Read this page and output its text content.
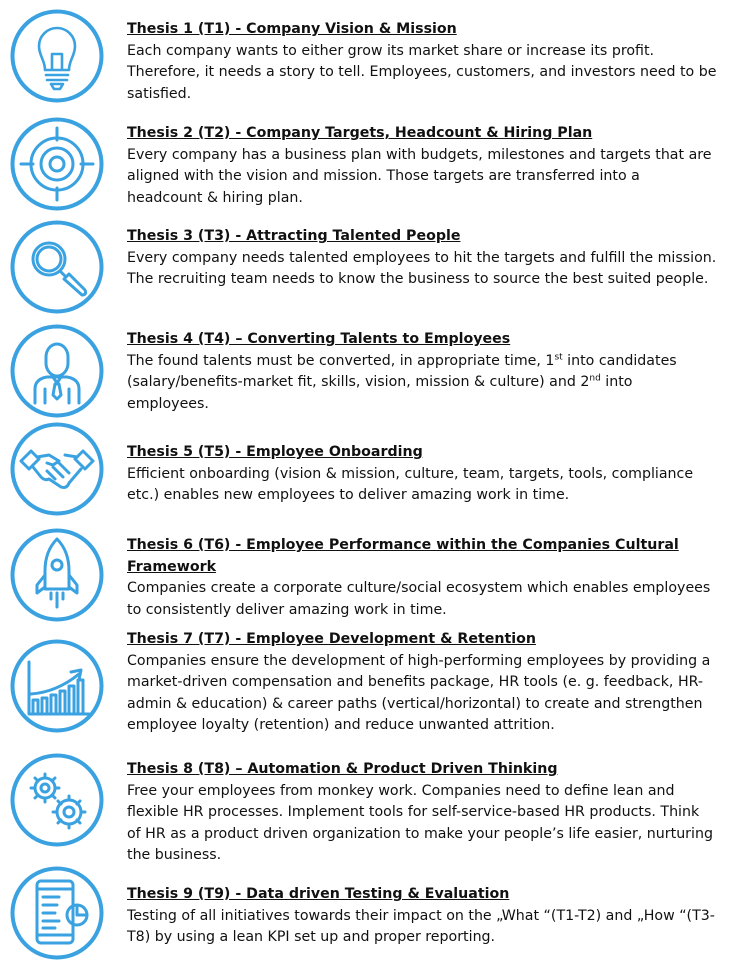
Thesis 1 (T1) - Company Vision & Mission

Each company wants to either grow its market share or increase its profit. Therefore, it needs a story to tell. Employees, customers, and investors need to be satisfied.

Thesis 2 (T2) - Company Targets, Headcount & Hiring Plan

Every company has a business plan with budgets, milestones and targets that are aligned with the vision and mission. Those targets are transferred into a headcount & hiring plan.

Thesis 3 (T3) - Attracting Talented People

Every company needs talented employees to hit the targets and fulfill the mission. The recruiting team needs to know the business to source the best suited people.

Thesis 4 (T4) – Converting Talents to Employees

The found talents must be converted, in appropriate time, 1st into candidates (salary/benefits-market fit, skills, vision, mission & culture) and 2nd into employees.

Thesis 5 (T5) - Employee Onboarding

Efficient onboarding (vision & mission, culture, team, targets, tools, compliance etc.) enables new employees to deliver amazing work in time.

Thesis 6 (T6) - Employee Performance within the Companies Cultural Framework

Companies create a corporate culture/social ecosystem which enables employees to consistently deliver amazing work in time.

Thesis 7 (T7) - Employee Development & Retention

Companies ensure the development of high-performing employees by providing a market-driven compensation and benefits package, HR tools (e. g. feedback, HR-admin & education) & career paths (vertical/horizontal) to create and strengthen employee loyalty (retention) and reduce unwanted attrition.

Thesis 8 (T8) – Automation & Product Driven Thinking

Free your employees from monkey work. Companies need to define lean and flexible HR processes. Implement tools for self-service-based HR products. Think of HR as a product driven organization to make your people’s life easier, nurturing the business.

Thesis 9 (T9) - Data driven Testing & Evaluation

Testing of all initiatives towards their impact on the „What “(T1-T2) and „How “(T3-T8) by using a lean KPI set up and proper reporting.
